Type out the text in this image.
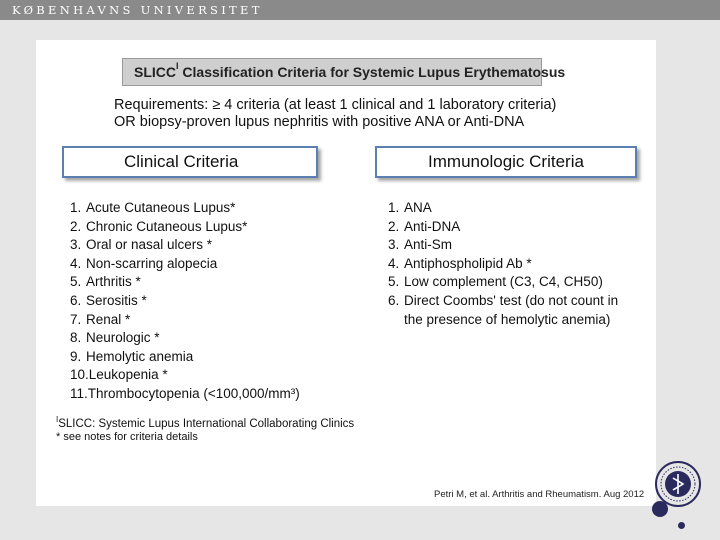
KØBENHAVNS UNIVERSITET
$SLICC^I$ Classification Criteria for Systemic Lupus Erythematosus
Requirements: ≥ 4 criteria (at least 1 clinical and 1 laboratory criteria)
OR biopsy-proven lupus nephritis with positive ANA or Anti-DNA
Clinical Criteria	Immunologic Criteria
1. Acute Cutaneous Lupus*
2. Chronic Cutaneous Lupus*
3. Oral or nasal ulcers *
4. Non-scarring alopecia
5. Arthritis *
6. Serositis *
7. Renal *
8. Neurologic *
9. Hemolytic anemia
10.Leukopenia *
11.Thrombocytopenia (<100,000/mm³)
1. ANA
2. Anti-DNA
3. Anti-Sm
4. Antiphospholipid Ab *
5. Low complement (C3, C4, CH50)
6. Direct Coombs' test (do not count in
the presence of hemolytic anemia)
$^I$SLICC: Systemic Lupus International Collaborating Clinics
* see notes for criteria details
Petri M, et al. Arthritis and Rheumatism. Aug 2012
